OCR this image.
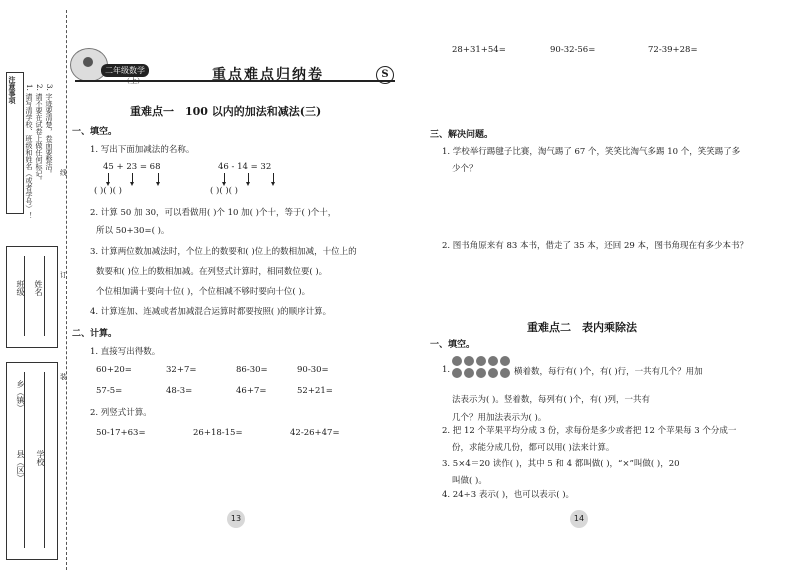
注意事项 1. 请写清学校、班级和姓名（或者学号）！ 2. 请不要在试卷上做任何标记。 3. 字迹要清楚，卷面要整洁。
班级 姓名
县（区）
乡（镇）
学校
线
订
装
二年级数学
（上）	重点难点归纳卷	S
重难点一　100 以内的加法和减法(三)
一、填空。
1. 写出下面加减法的名称。
45 + 23 = 68	46 - 14 = 32
( )( )( )	( )( )( )
2. 计算 50 加 30，可以看做用( )个 10 加( )个十，等于( )个十，
所以 50+30=( )。
3. 计算两位数加减法时，个位上的数要和( )位上的数相加减，十位上的
数要和( )位上的数相加减。在列竖式计算时，相同数位要( )。
个位相加满十要向十位( )，个位相减不够时要向十位( )。
4. 计算连加、连减或者加减混合运算时都要按照( )的顺序计算。
二、计算。
1. 直接写出得数。
60+20=	32+7=	86-30=	90-30=
57-5=	48-3=	46+7=	52+21=
2. 列竖式计算。
50-17+63=	26+18-15=	42-26+47=
13
28+31+54=	90-32-56=	72-39+28=
三、解决问题。
1. 学校举行踢毽子比赛，淘气踢了 67 个，笑笑比淘气多踢 10 个，笑笑踢了多
少个？
2. 图书角原来有 83 本书，借走了 35 本，还回 29 本，图书角现在有多少本书？
重难点二　表内乘除法
一、填空。
1.	横着数，每行有( )个，有( )行，一共有几个？用加
法表示为( )。竖着数，每列有( )个，有( )列，一共有
几个？用加法表示为( )。
2. 把 12 个苹果平均分成 3 份，求每份是多少或者把 12 个苹果每 3 个分成一
份，求能分成几份，都可以用( )法来计算。
3. 5×4＝20 读作( )，其中 5 和 4 都叫做( )，“×”叫做( )，20
叫做( )。
4. 24÷3 表示( )，也可以表示( )。
14
